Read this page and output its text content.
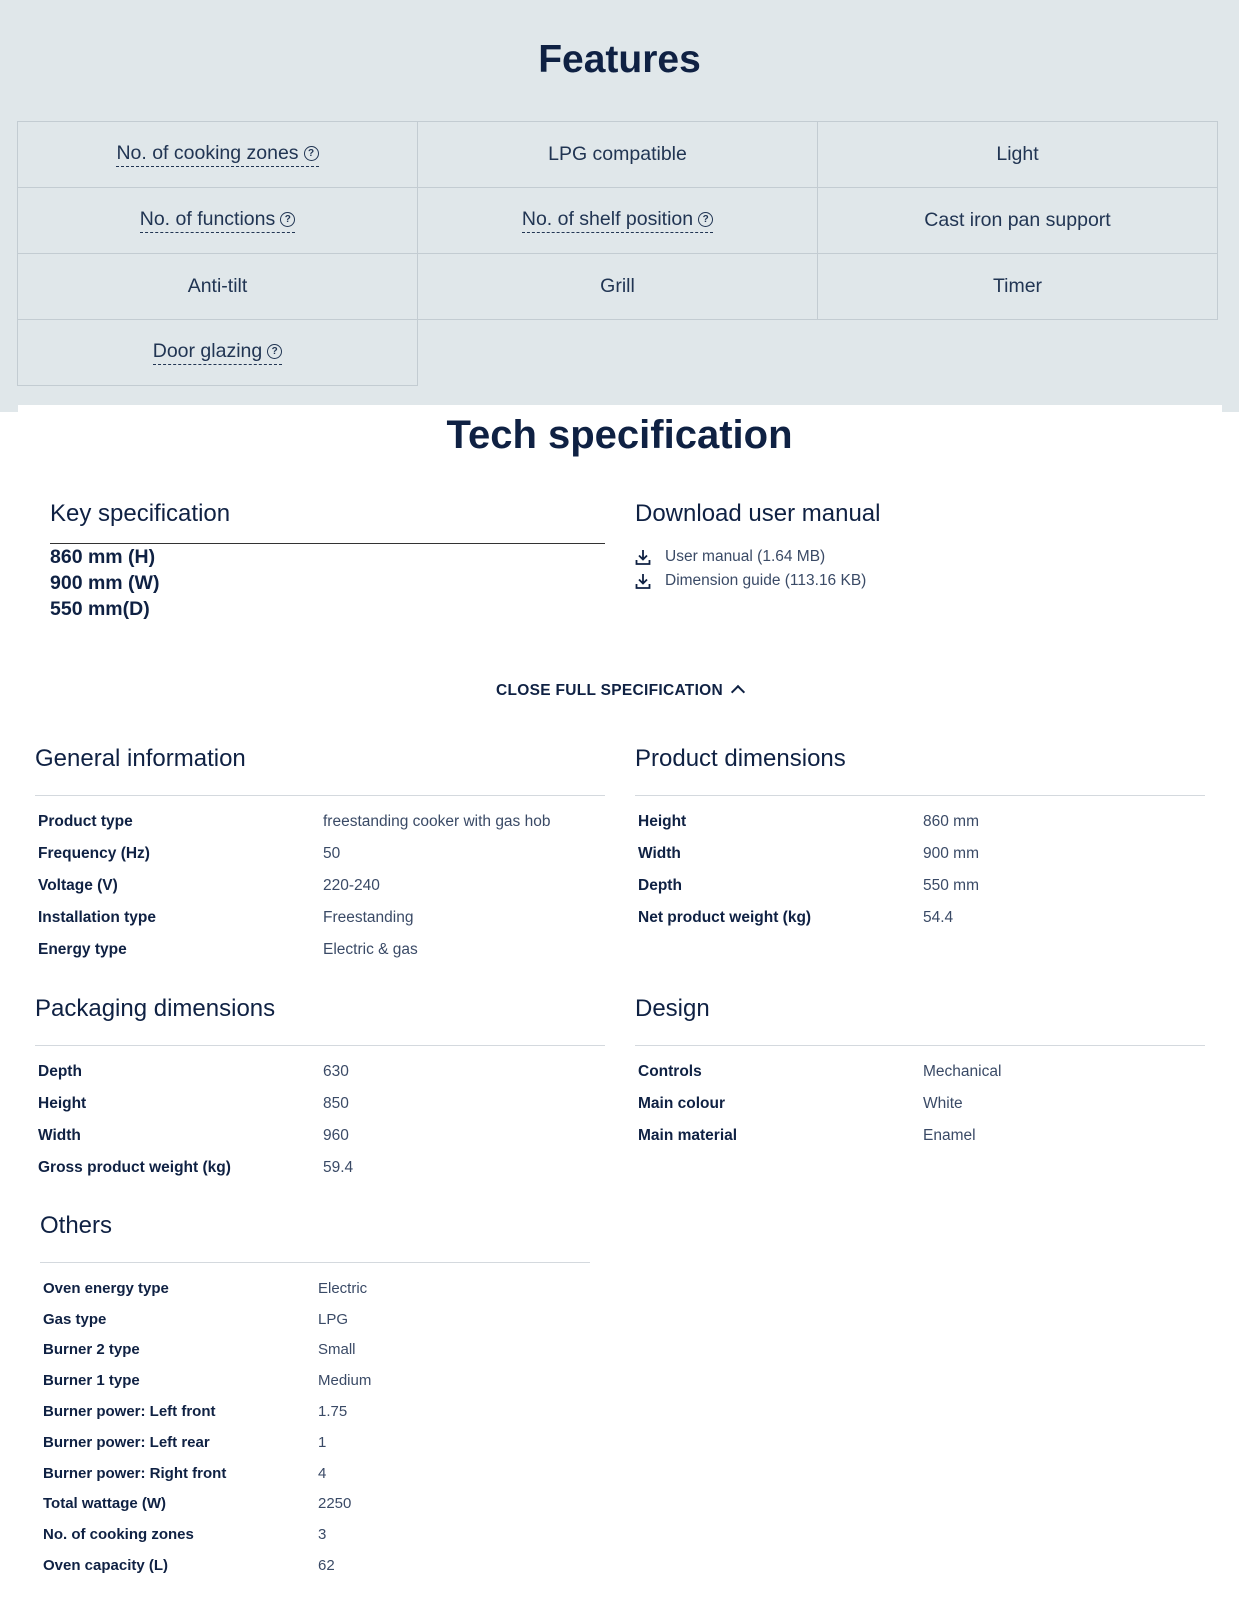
Features
No. of cooking zones ?	LPG compatible	Light
No. of functions ?	No. of shelf position ?	Cast iron pan support
Anti-tilt	Grill	Timer
Door glazing ?
Tech specification
Key specification
860 mm (H)
900 mm (W)
550 mm(D)
Download user manual
User manual (1.64 MB)
Dimension guide (113.16 KB)
CLOSE FULL SPECIFICATION
General information
Product type	freestanding cooker with gas hob
Frequency (Hz)	50
Voltage (V)	220-240
Installation type	Freestanding
Energy type	Electric & gas
Product dimensions
Height	860 mm
Width	900 mm
Depth	550 mm
Net product weight (kg)	54.4
Packaging dimensions
Depth	630
Height	850
Width	960
Gross product weight (kg)	59.4
Design
Controls	Mechanical
Main colour	White
Main material	Enamel
Others
Oven energy type	Electric
Gas type	LPG
Burner 2 type	Small
Burner 1 type	Medium
Burner power: Left front	1.75
Burner power: Left rear	1
Burner power: Right front	4
Total wattage (W)	2250
No. of cooking zones	3
Oven capacity (L)	62
